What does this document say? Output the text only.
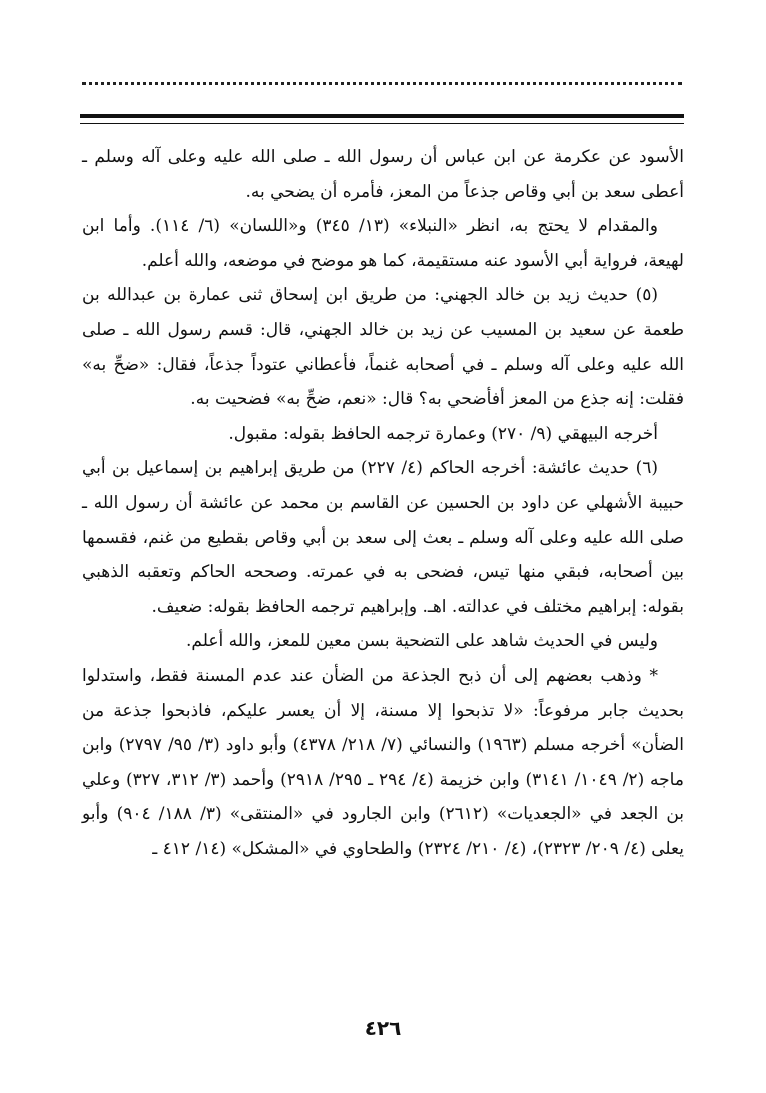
الأسود عن عكرمة عن ابن عباس أن رسول الله ـ صلى الله عليه وعلى آله وسلم ـ أعطى سعد بن أبي وقاص جذعاً من المعز، فأمره أن يضحي به.

والمقدام لا يحتج به، انظر «النبلاء» (١٣/ ٣٤٥) و«اللسان» (٦/ ١١٤). وأما ابن لهيعة، فرواية أبي الأسود عنه مستقيمة، كما هو موضح في موضعه، والله أعلم.

(٥) حديث زيد بن خالد الجهني: من طريق ابن إسحاق ثنى عمارة بن عبدالله بن طعمة عن سعيد بن المسيب عن زيد بن خالد الجهني، قال: قسم رسول الله ـ صلى الله عليه وعلى آله وسلم ـ في أصحابه غنماً، فأعطاني عتوداً جذعاً، فقال: «ضحِّ به» فقلت: إنه جذع من المعز أفأضحي به؟ قال: «نعم، ضحِّ به» فضحيت به.

أخرجه البيهقي (٩/ ٢٧٠) وعمارة ترجمه الحافظ بقوله: مقبول.

(٦) حديث عائشة: أخرجه الحاكم (٤/ ٢٢٧) من طريق إبراهيم بن إسماعيل بن أبي حبيبة الأشهلي عن داود بن الحسين عن القاسم بن محمد عن عائشة أن رسول الله ـ صلى الله عليه وعلى آله وسلم ـ بعث إلى سعد بن أبي وقاص بقطيع من غنم، فقسمها بين أصحابه، فبقي منها تيس، فضحى به في عمرته. وصححه الحاكم وتعقبه الذهبي بقوله: إبراهيم مختلف في عدالته. اهـ. وإبراهيم ترجمه الحافظ بقوله: ضعيف.

وليس في الحديث شاهد على التضحية بسن معين للمعز، والله أعلم.

* وذهب بعضهم إلى أن ذبح الجذعة من الضأن عند عدم المسنة فقط، واستدلوا بحديث جابر مرفوعاً: «لا تذبحوا إلا مسنة، إلا أن يعسر عليكم، فاذبحوا جذعة من الضأن» أخرجه مسلم (١٩٦٣) والنسائي (٧/ ٢١٨/ ٤٣٧٨) وأبو داود (٣/ ٩٥/ ٢٧٩٧) وابن ماجه (٢/ ١٠٤٩/ ٣١٤١) وابن خزيمة (٤/ ٢٩٤ ـ ٢٩٥/ ٢٩١٨) وأحمد (٣/ ٣١٢، ٣٢٧) وعلي بن الجعد في «الجعديات» (٢٦١٢) وابن الجارود في «المنتقى» (٣/ ١٨٨/ ٩٠٤) وأبو يعلى (٤/ ٢٠٩/ ٢٣٢٣)، (٤/ ٢١٠/ ٢٣٢٤) والطحاوي في «المشكل» (١٤/ ٤١٢ ـ

٤٢٦
